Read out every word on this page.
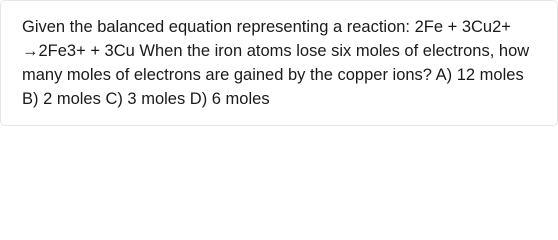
Given the balanced equation representing a reaction: 2Fe + 3Cu2+ →2Fe3+ + 3Cu When the iron atoms lose six moles of electrons, how many moles of electrons are gained by the copper ions? A) 12 moles B) 2 moles C) 3 moles D) 6 moles
